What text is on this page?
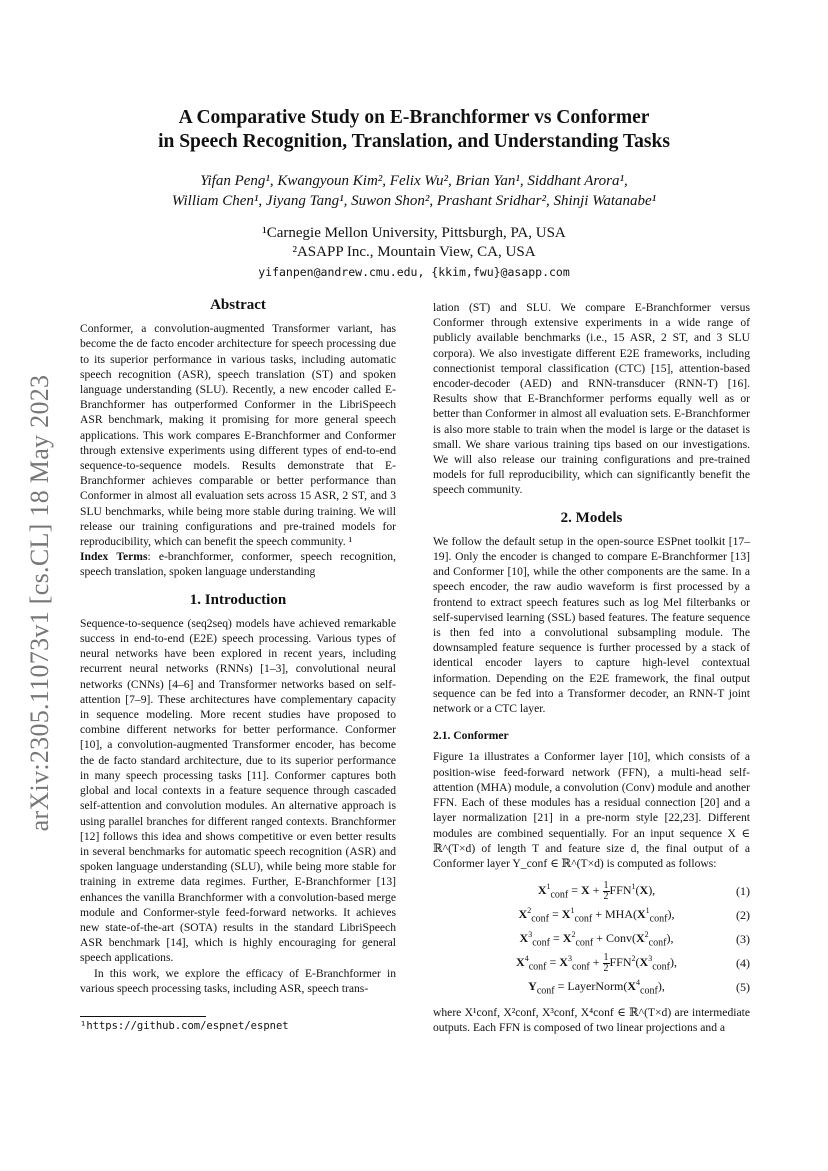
arXiv:2305.11073v1 [cs.CL] 18 May 2023
A Comparative Study on E-Branchformer vs Conformer
in Speech Recognition, Translation, and Understanding Tasks
Yifan Peng¹, Kwangyoun Kim², Felix Wu², Brian Yan¹, Siddhant Arora¹,
William Chen¹, Jiyang Tang¹, Suwon Shon², Prashant Sridhar², Shinji Watanabe¹
¹Carnegie Mellon University, Pittsburgh, PA, USA
²ASAPP Inc., Mountain View, CA, USA
yifanpen@andrew.cmu.edu, {kkim,fwu}@asapp.com
Abstract

Conformer, a convolution-augmented Transformer variant, has become the de facto encoder architecture for speech processing due to its superior performance in various tasks, including automatic speech recognition (ASR), speech translation (ST) and spoken language understanding (SLU). Recently, a new encoder called E-Branchformer has outperformed Conformer in the LibriSpeech ASR benchmark, making it promising for more general speech applications. This work compares E-Branchformer and Conformer through extensive experiments using different types of end-to-end sequence-to-sequence models. Results demonstrate that E-Branchformer achieves comparable or better performance than Conformer in almost all evaluation sets across 15 ASR, 2 ST, and 3 SLU benchmarks, while being more stable during training. We will release our training configurations and pre-trained models for reproducibility, which can benefit the speech community. ¹

Index Terms: e-branchformer, conformer, speech recognition, speech translation, spoken language understanding

1. Introduction

Sequence-to-sequence (seq2seq) models have achieved remarkable success in end-to-end (E2E) speech processing. Various types of neural networks have been explored in recent years, including recurrent neural networks (RNNs) [1–3], convolutional neural networks (CNNs) [4–6] and Transformer networks based on self-attention [7–9]. These architectures have complementary capacity in sequence modeling. More recent studies have proposed to combine different networks for better performance. Conformer [10], a convolution-augmented Transformer encoder, has become the de facto standard architecture, due to its superior performance in many speech processing tasks [11]. Conformer captures both global and local contexts in a feature sequence through cascaded self-attention and convolution modules. An alternative approach is using parallel branches for different ranged contexts. Branchformer [12] follows this idea and shows competitive or even better results in several benchmarks for automatic speech recognition (ASR) and spoken language understanding (SLU), while being more stable for training in extreme data regimes. Further, E-Branchformer [13] enhances the vanilla Branchformer with a convolution-based merge module and Conformer-style feed-forward networks. It achieves new state-of-the-art (SOTA) results in the standard LibriSpeech ASR benchmark [14], which is highly encouraging for general speech applications.

In this work, we explore the efficacy of E-Branchformer in various speech processing tasks, including ASR, speech trans-

lation (ST) and SLU. We compare E-Branchformer versus Conformer through extensive experiments in a wide range of publicly available benchmarks (i.e., 15 ASR, 2 ST, and 3 SLU corpora). We also investigate different E2E frameworks, including connectionist temporal classification (CTC) [15], attention-based encoder-decoder (AED) and RNN-transducer (RNN-T) [16]. Results show that E-Branchformer performs equally well as or better than Conformer in almost all evaluation sets. E-Branchformer is also more stable to train when the model is large or the dataset is small. We share various training tips based on our investigations. We will also release our training configurations and pre-trained models for full reproducibility, which can significantly benefit the speech community.

2. Models

We follow the default setup in the open-source ESPnet toolkit [17–19]. Only the encoder is changed to compare E-Branchformer [13] and Conformer [10], while the other components are the same. In a speech encoder, the raw audio waveform is first processed by a frontend to extract speech features such as log Mel filterbanks or self-supervised learning (SSL) based features. The feature sequence is then fed into a convolutional subsampling module. The downsampled feature sequence is further processed by a stack of identical encoder layers to capture high-level contextual information. Depending on the E2E framework, the final output sequence can be fed into a Transformer decoder, an RNN-T joint network or a CTC layer.

2.1. Conformer

Figure 1a illustrates a Conformer layer [10], which consists of a position-wise feed-forward network (FFN), a multi-head self-attention (MHA) module, a convolution (Conv) module and another FFN. Each of these modules has a residual connection [20] and a layer normalization [21] in a pre-norm style [22,23]. Different modules are combined sequentially. For an input sequence X ∈ ℝ^(T×d) of length T and feature size d, the final output of a Conformer layer Y_conf ∈ ℝ^(T×d) is computed as follows:

$X^1_{conf} = X + \frac{1}{2} FFN^1(X)$,	(1)
$X^2_{conf} = X^1_{conf} + MHA(X^1_{conf})$,	(2)
$X^3_{conf} = X^2_{conf}$ + $Conv(X^2_{conf})$,	(3)
$X^4_{conf} = X^3_{conf} + \frac{1}{2} FFN^2(X^3_{conf})$,	(4)
$Y_{conf}$ = $LayerNorm(X^4_{conf})$,	(5)

where X¹conf, X²conf, X³conf, X⁴conf ∈ ℝ^(T×d) are intermediate outputs. Each FFN is composed of two linear projections and a

¹https://github.com/espnet/espnet
